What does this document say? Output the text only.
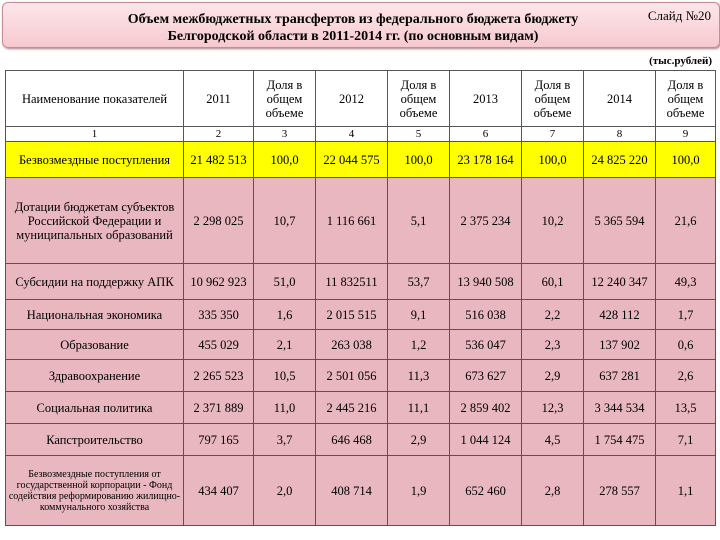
Объем межбюджетных трансфертов из федерального бюджета бюджету
Белгородской области в 2011-2014 гг. (по основным видам)
Слайд №20
(тыс.рублей)
Наименование показателей	2011	Доля в общем объеме	2012	Доля в общем объеме	2013	Доля в общем объеме	2014	Доля в общем объеме
1	2	3	4	5	6	7	8	9
Безвозмездные поступления	21 482 513	100,0	22 044 575	100,0	23 178 164	100,0	24 825 220	100,0
Дотации бюджетам субъектов Российской Федерации и муниципальных образований	2 298 025	10,7	1 116 661	5,1	2 375 234	10,2	5 365 594	21,6
Субсидии на поддержку АПК	10 962 923	51,0	11 832511	53,7	13 940 508	60,1	12 240 347	49,3
Национальная экономика	335 350	1,6	2 015 515	9,1	516 038	2,2	428 112	1,7
Образование	455 029	2,1	263 038	1,2	536 047	2,3	137 902	0,6
Здравоохранение	2 265 523	10,5	2 501 056	11,3	673 627	2,9	637 281	2,6
Социальная политика	2 371 889	11,0	2 445 216	11,1	2 859 402	12,3	3 344 534	13,5
Капстроительство	797 165	3,7	646 468	2,9	1 044 124	4,5	1 754 475	7,1
Безвозмездные поступления от государственной корпорации - Фонд содействия реформированию жилищно-коммунального хозяйства	434 407	2,0	408 714	1,9	652 460	2,8	278 557	1,1
